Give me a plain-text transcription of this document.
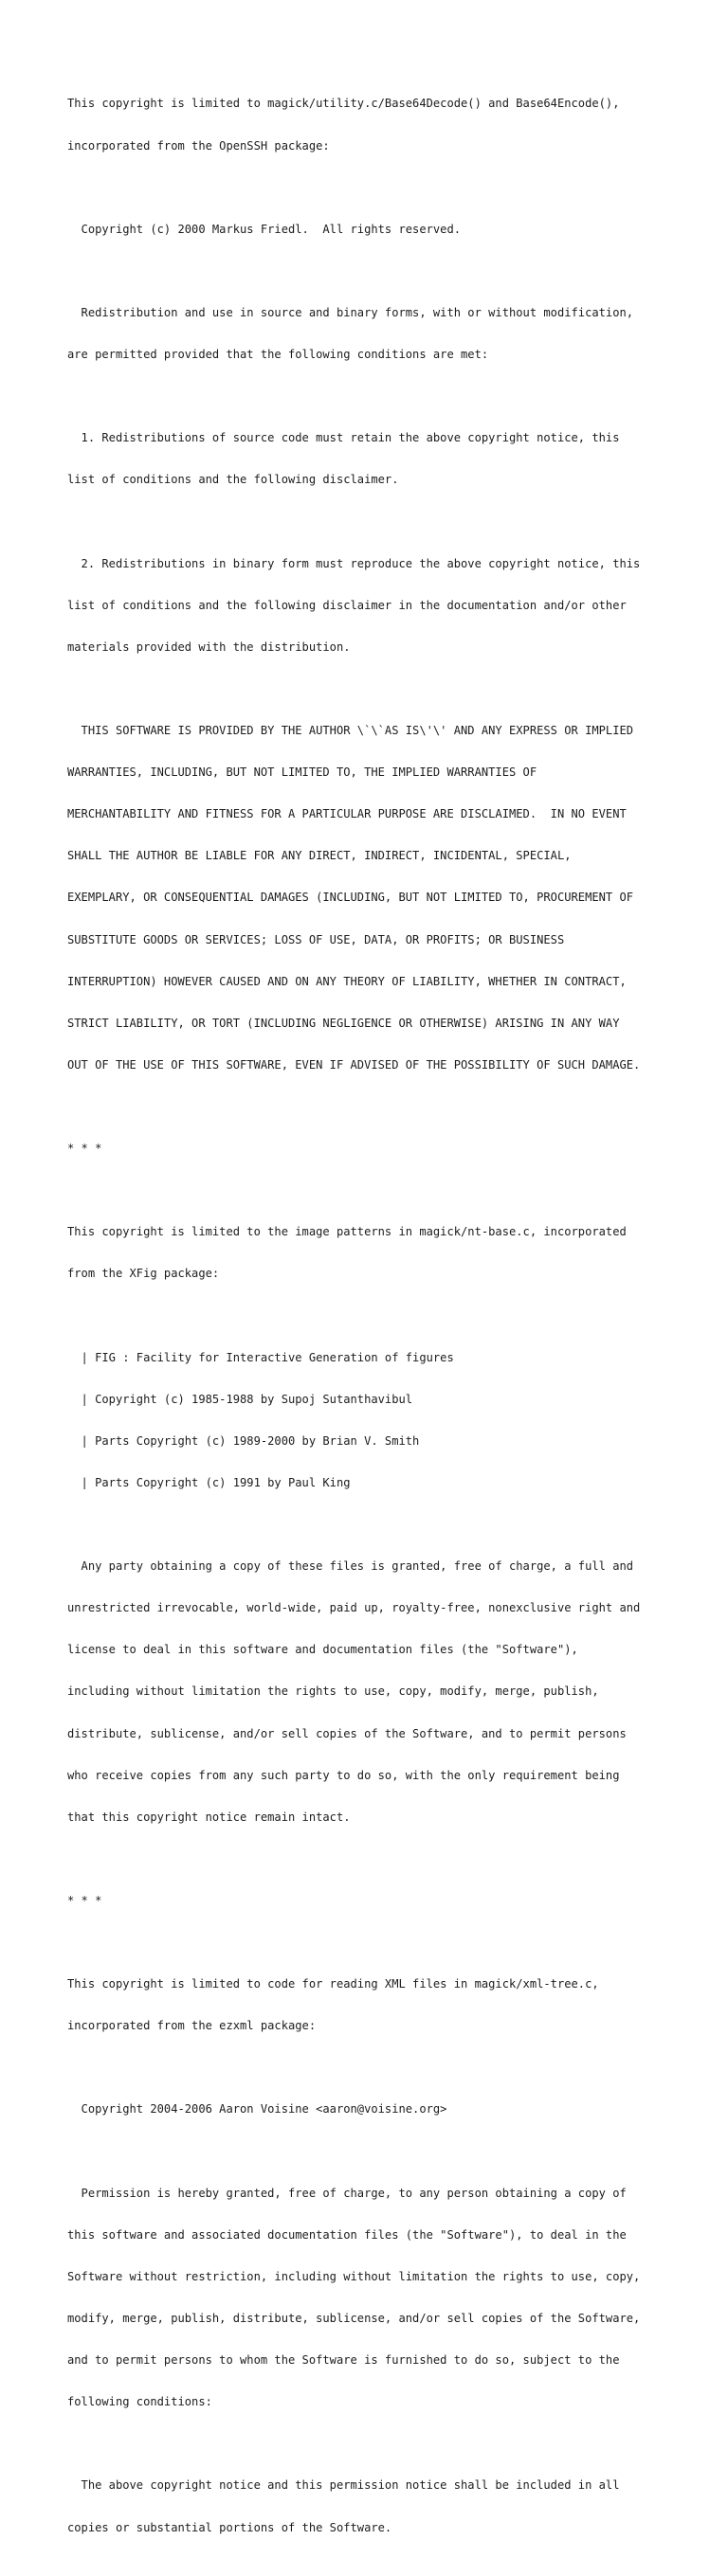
This copyright is limited to magick/utility.c/Base64Decode() and Base64Encode(),

incorporated from the OpenSSH package:

Copyright (c) 2000 Markus Friedl.  All rights reserved.

Redistribution and use in source and binary forms, with or without modification,

are permitted provided that the following conditions are met:

1. Redistributions of source code must retain the above copyright notice, this

list of conditions and the following disclaimer.

2. Redistributions in binary form must reproduce the above copyright notice, this

list of conditions and the following disclaimer in the documentation and/or other

materials provided with the distribution.

THIS SOFTWARE IS PROVIDED BY THE AUTHOR \`\`AS IS\'\' AND ANY EXPRESS OR IMPLIED

WARRANTIES, INCLUDING, BUT NOT LIMITED TO, THE IMPLIED WARRANTIES OF

MERCHANTABILITY AND FITNESS FOR A PARTICULAR PURPOSE ARE DISCLAIMED.  IN NO EVENT

SHALL THE AUTHOR BE LIABLE FOR ANY DIRECT, INDIRECT, INCIDENTAL, SPECIAL,

EXEMPLARY, OR CONSEQUENTIAL DAMAGES (INCLUDING, BUT NOT LIMITED TO, PROCUREMENT OF

SUBSTITUTE GOODS OR SERVICES; LOSS OF USE, DATA, OR PROFITS; OR BUSINESS

INTERRUPTION) HOWEVER CAUSED AND ON ANY THEORY OF LIABILITY, WHETHER IN CONTRACT,

STRICT LIABILITY, OR TORT (INCLUDING NEGLIGENCE OR OTHERWISE) ARISING IN ANY WAY

OUT OF THE USE OF THIS SOFTWARE, EVEN IF ADVISED OF THE POSSIBILITY OF SUCH DAMAGE.

* * *

This copyright is limited to the image patterns in magick/nt-base.c, incorporated

from the XFig package:

| FIG : Facility for Interactive Generation of figures

| Copyright (c) 1985-1988 by Supoj Sutanthavibul

| Parts Copyright (c) 1989-2000 by Brian V. Smith

| Parts Copyright (c) 1991 by Paul King

Any party obtaining a copy of these files is granted, free of charge, a full and

unrestricted irrevocable, world-wide, paid up, royalty-free, nonexclusive right and

license to deal in this software and documentation files (the "Software"),

including without limitation the rights to use, copy, modify, merge, publish,

distribute, sublicense, and/or sell copies of the Software, and to permit persons

who receive copies from any such party to do so, with the only requirement being

that this copyright notice remain intact.

* * *

This copyright is limited to code for reading XML files in magick/xml-tree.c,

incorporated from the ezxml package:

Copyright 2004-2006 Aaron Voisine <aaron@voisine.org>

Permission is hereby granted, free of charge, to any person obtaining a copy of

this software and associated documentation files (the "Software"), to deal in the

Software without restriction, including without limitation the rights to use, copy,

modify, merge, publish, distribute, sublicense, and/or sell copies of the Software,

and to permit persons to whom the Software is furnished to do so, subject to the

following conditions:

The above copyright notice and this permission notice shall be included in all

copies or substantial portions of the Software.
